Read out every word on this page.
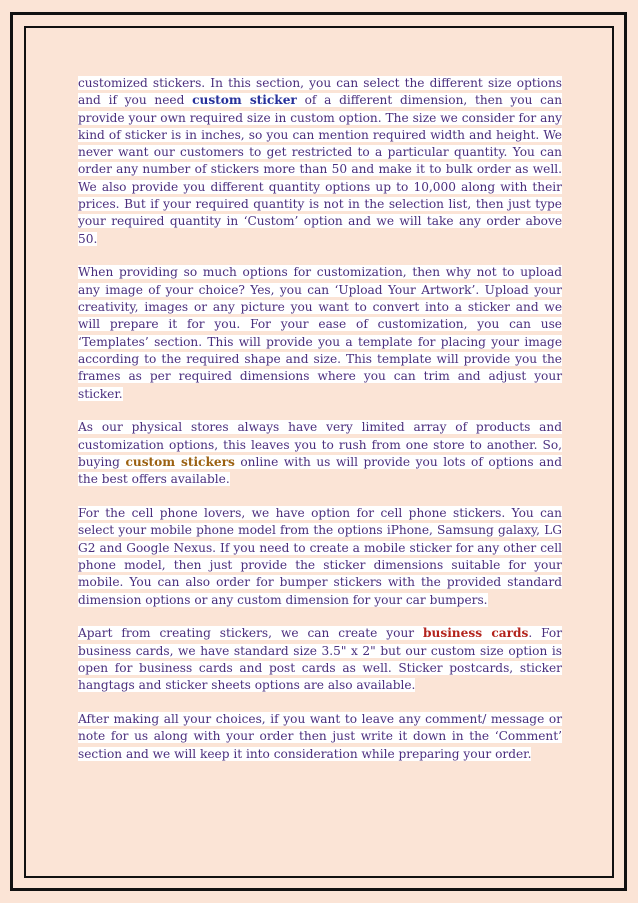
customized stickers. In this section, you can select the different size options and if you need custom sticker of a different dimension, then you can provide your own required size in custom option. The size we consider for any kind of sticker is in inches, so you can mention required width and height. We never want our customers to get restricted to a particular quantity. You can order any number of stickers more than 50 and make it to bulk order as well. We also provide you different quantity options up to 10,000 along with their prices. But if your required quantity is not in the selection list, then just type your required quantity in ‘Custom’ option and we will take any order above 50.

When providing so much options for customization, then why not to upload any image of your choice? Yes, you can ‘Upload Your Artwork’. Upload your creativity, images or any picture you want to convert into a sticker and we will prepare it for you. For your ease of customization, you can use ‘Templates’ section. This will provide you a template for placing your image according to the required shape and size. This template will provide you the frames as per required dimensions where you can trim and adjust your sticker.

As our physical stores always have very limited array of products and customization options, this leaves you to rush from one store to another. So, buying custom stickers online with us will provide you lots of options and the best offers available.

For the cell phone lovers, we have option for cell phone stickers. You can select your mobile phone model from the options iPhone, Samsung galaxy, LG G2 and Google Nexus. If you need to create a mobile sticker for any other cell phone model, then just provide the sticker dimensions suitable for your mobile. You can also order for bumper stickers with the provided standard dimension options or any custom dimension for your car bumpers.

Apart from creating stickers, we can create your business cards. For business cards, we have standard size 3.5" x 2" but our custom size option is open for business cards and post cards as well. Sticker postcards, sticker hangtags and sticker sheets options are also available.

After making all your choices, if you want to leave any comment/ message or note for us along with your order then just write it down in the ‘Comment’ section and we will keep it into consideration while preparing your order.
